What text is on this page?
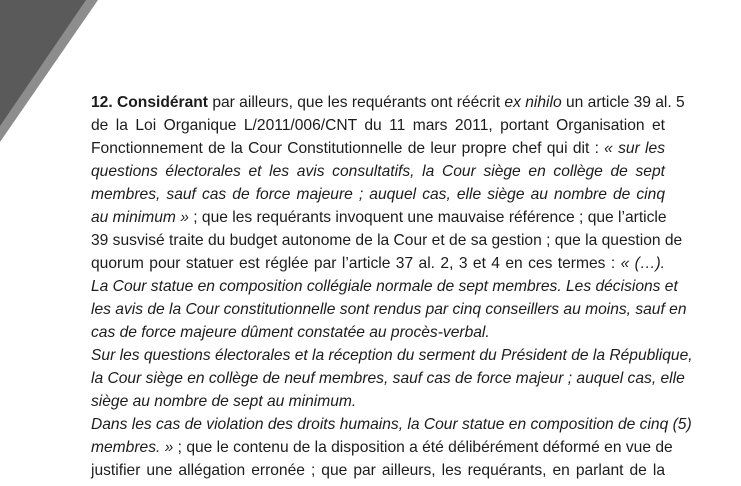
12. Considérant par ailleurs, que les requérants ont réécrit ex nihilo un article 39 al. 5
de la Loi Organique L/2011/006/CNT du 11 mars 2011, portant Organisation et
Fonctionnement de la Cour Constitutionnelle de leur propre chef qui dit : « sur les
questions électorales et les avis consultatifs, la Cour siège en collège de sept
membres, sauf cas de force majeure ; auquel cas, elle siège au nombre de cinq
au minimum » ; que les requérants invoquent une mauvaise référence ; que l’article
39 susvisé traite du budget autonome de la Cour et de sa gestion ; que la question de
quorum pour statuer est réglée par l’article 37 al. 2, 3 et 4 en ces termes : « (…).
La Cour statue en composition collégiale normale de sept membres. Les décisions et
les avis de la Cour constitutionnelle sont rendus par cinq conseillers au moins, sauf en
cas de force majeure dûment constatée au procès-verbal.
Sur les questions électorales et la réception du serment du Président de la République,
la Cour siège en collège de neuf membres, sauf cas de force majeur ; auquel cas, elle
siège au nombre de sept au minimum.
Dans les cas de violation des droits humains, la Cour statue en composition de cinq (5)
membres. » ; que le contenu de la disposition a été délibérément déformé en vue de
justifier une allégation erronée ; que par ailleurs, les requérants, en parlant de la
